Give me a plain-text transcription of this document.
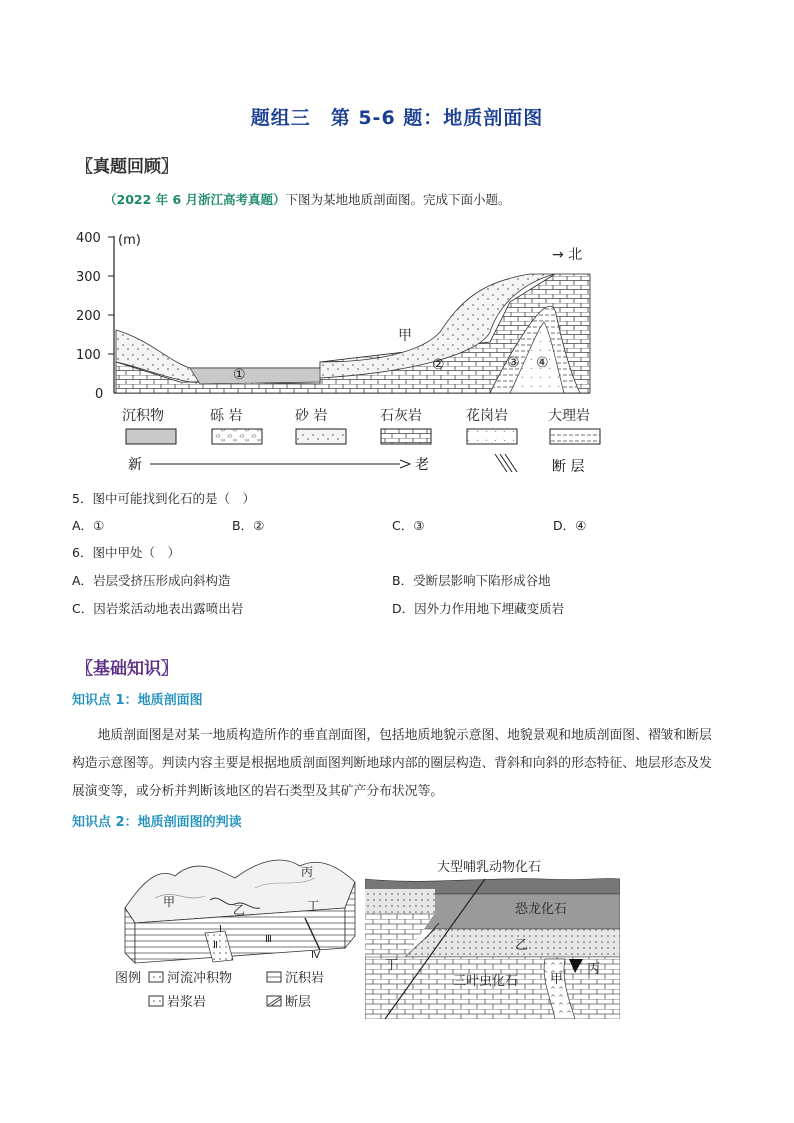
题组三　第 5-6 题：地质剖面图
〖真题回顾〗
（2022 年 6 月浙江高考真题）下图为某地地质剖面图。完成下面小题。
400
300
200
100
0
(m)
①
②	③ ④
甲
→ 北
沉积物	砾 岩	砂 岩	石灰岩	花岗岩	大理岩
新	老	断 层
5．图中可能找到化石的是（　）
A．①	B．②	C．③	D．④
6．图中甲处（　）
A．岩层受挤压形成向斜构造	B．受断层影响下陷形成谷地
C．因岩浆活动地表出露喷出岩	D．因外力作用地下埋藏变质岩
〖基础知识〗
知识点 1：地质剖面图
地质剖面图是对某一地质构造所作的垂直剖面图，包括地质地貌示意图、地貌景观和地质剖面图、褶皱和断层构造示意图等。判读内容主要是根据地质剖面图判断地球内部的圈层构造、背斜和向斜的形态特征、地层形态及发展演变等，或分析并判断该地区的岩石类型及其矿产分布状况等。
知识点 2：地质剖面图的判读
甲
乙
丙
丁
Ⅰ
Ⅱ
Ⅲ
Ⅳ
图例 河流冲积物	沉积岩
岩浆岩	断层
大型哺乳动物化石
恐龙化石
乙
丁
三叶虫化石 甲
丙
